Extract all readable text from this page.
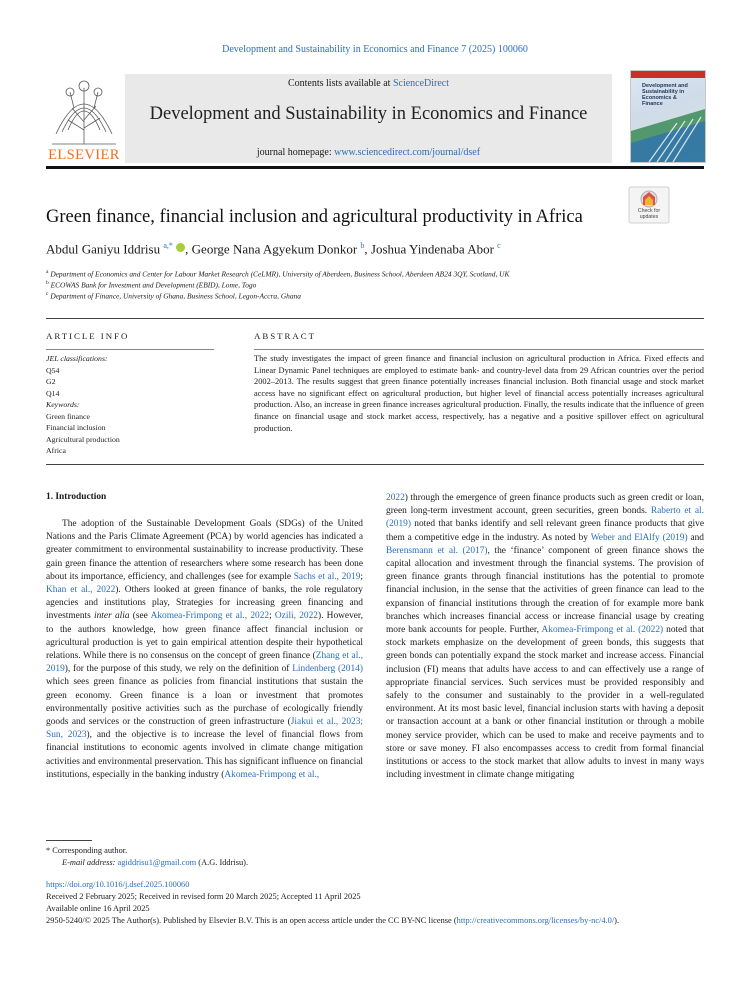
Development and Sustainability in Economics and Finance 7 (2025) 100060
ELSEVIER
Contents lists available at ScienceDirect
Development and Sustainability in Economics and Finance
journal homepage: www.sciencedirect.com/journal/dsef
Development and Sustainability in Economics & Finance
Green finance, financial inclusion and agricultural productivity in Africa	Check for updates
Abdul Ganiyu Iddrisu $^{a,*}$ , George Nana Agyekum Donkor $^b$, Joshua Yindenaba Abor $^c$
$^a$ Department of Economics and Center for Labour Market Research (CeLMR), University of Aberdeen, Business School, Aberdeen AB24 3QY, Scotland, UK
$^b$ ECOWAS Bank for Investment and Development (EBID), Lome, Togo
$^c$ Department of Finance, University of Ghana, Business School, Legon-Accra, Ghana
ARTICLE INFO	ABSTRACT
JEL classifications:
Q54
G2
Q14
Keywords:
Green finance
Financial inclusion
Agricultural production
Africa
The study investigates the impact of green finance and financial inclusion on agricultural production in Africa. Fixed effects and Linear Dynamic Panel techniques are employed to estimate bank- and country-level data from 29 African countries over the period 2002–2013. The results suggest that green finance potentially increases financial inclusion. Both financial usage and stock market access have no significant effect on agricultural production, but higher level of financial access potentially increases agricultural production. Also, an increase in green finance increases agricultural production. Finally, the results indicate that the influence of green finance on financial usage and stock market access, respectively, has a negative and a positive spillover effect on agricultural production.
1. Introduction
The adoption of the Sustainable Development Goals (SDGs) of the United Nations and the Paris Climate Agreement (PCA) by world agencies has indicated a greater commitment to environmental sustainability to increase productivity. These gain green finance the attention of researchers where some research has been done about its importance, efficiency, and challenges (see for example Sachs et al., 2019; Khan et al., 2022). Others looked at green finance of banks, the role regulatory agencies and institutions play, Strategies for increasing green financing and investments inter alia (see Akomea-Frimpong et al., 2022; Ozili, 2022). However, to the authors knowledge, how green finance affect financial inclusion or agricultural production is yet to gain empirical attention despite their hypothetical relations. While there is no consensus on the concept of green finance (Zhang et al., 2019), for the purpose of this study, we rely on the definition of Lindenberg (2014) which sees green finance as policies from financial institutions that sustain the green economy. Green finance is a loan or investment that promotes environmentally positive activities such as the purchase of ecologically friendly goods and services or the construction of green infrastructure (Jiakui et al., 2023; Sun, 2023), and the objective is to increase the level of financial flows from financial institutions to economic agents involved in climate change mitigation activities and environmental preservation. This has significant influence on financial institutions, especially in the banking industry (Akomea-Frimpong et al.,
2022) through the emergence of green finance products such as green credit or loan, green long-term investment account, green securities, green bonds. Raberto et al. (2019) noted that banks identify and sell relevant green finance products that give them a competitive edge in the industry. As noted by Weber and ElAlfy (2019) and Berensmann et al. (2017), the ‘finance’ component of green finance shows the capital allocation and investment through the financial systems. The provision of green finance grants through financial institutions has the potential to promote financial inclusion, in the sense that the activities of green finance can lead to the expansion of financial institutions through the creation of for example more bank branches which increases financial access or increase financial usage by creating more bank accounts for people. Further, Akomea-Frimpong et al. (2022) noted that stock markets emphasize on the development of green bonds, this suggests that green bonds can potentially expand the stock market and increase access. Financial inclusion (FI) means that adults have access to and can effectively use a range of appropriate financial services. Such services must be provided responsibly and safely to the consumer and sustainably to the provider in a well-regulated environment. At its most basic level, financial inclusion starts with having a deposit or transaction account at a bank or other financial institution or through a mobile money service provider, which can be used to make and receive payments and to store or save money. FI also encompasses access to credit from formal financial institutions or access to the stock market that allow adults to invest in many ways including investment in climate change mitigating
* Corresponding author.
E-mail address: agiddrisu1@gmail.com (A.G. Iddrisu).
https://doi.org/10.1016/j.dsef.2025.100060
Received 2 February 2025; Received in revised form 20 March 2025; Accepted 11 April 2025
Available online 16 April 2025
2950-5240/© 2025 The Author(s). Published by Elsevier B.V. This is an open access article under the CC BY-NC license (http://creativecommons.org/licenses/by-nc/4.0/).
